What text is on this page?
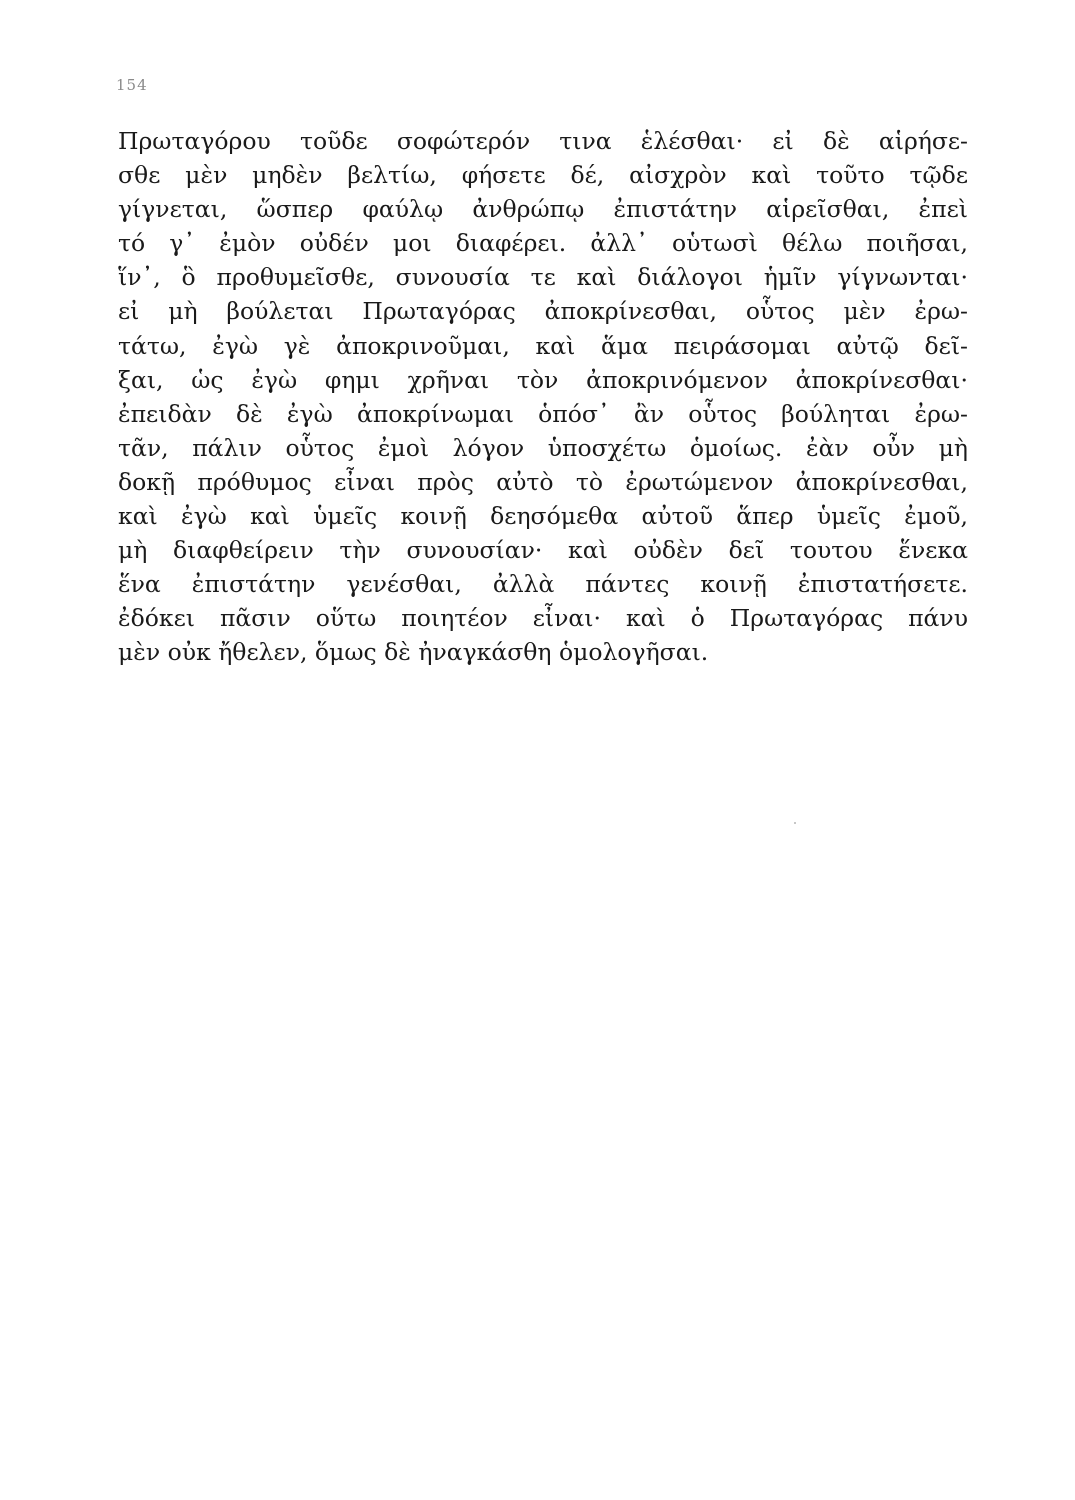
154
Πρωταγόρου τοῦδε σοφώτερόν τινα ἑλέσθαι· εἰ δὲ αἱρήσε-
σθε μὲν μηδὲν βελτίω, φήσετε δέ, αἰσχρὸν καὶ τοῦτο τῷδε
γίγνεται, ὥσπερ φαύλῳ ἀνθρώπῳ ἐπιστάτην αἱρεῖσθαι, ἐπεὶ
τό γ᾽ ἐμὸν οὐδέν μοι διαφέρει. ἀλλ᾽ οὑτωσὶ θέλω ποιῆσαι,
ἵν᾽, ὃ προθυμεῖσθε, συνουσία τε καὶ διάλογοι ἡμῖν γίγνωνται·
εἰ μὴ βούλεται Πρωταγόρας ἀποκρίνεσθαι, οὗτος μὲν ἐρω-
τάτω, ἐγὼ γὲ ἀποκρινοῦμαι, καὶ ἅμα πειράσομαι αὐτῷ δεῖ-
ξαι, ὡς ἐγὼ φημι χρῆναι τὸν ἀποκρινόμενον ἀποκρίνεσθαι·
ἐπειδὰν δὲ ἐγὼ ἀποκρίνωμαι ὁπόσ᾽ ἂν οὗτος βούληται ἐρω-
τᾶν, πάλιν οὗτος ἐμοὶ λόγον ὑποσχέτω ὁμοίως. ἐὰν οὖν μὴ
δοκῇ πρόθυμος εἶναι πρὸς αὐτὸ τὸ ἐρωτώμενον ἀποκρίνεσθαι,
καὶ ἐγὼ καὶ ὑμεῖς κοινῇ δεησόμεθα αὐτοῦ ἅπερ ὑμεῖς ἐμοῦ,
μὴ διαφθείρειν τὴν συνουσίαν· καὶ οὐδὲν δεῖ τουτου ἕνεκα
ἕνα ἐπιστάτην γενέσθαι, ἀλλὰ πάντες κοινῇ ἐπιστατήσετε.
ἐδόκει πᾶσιν οὕτω ποιητέον εἶναι· καὶ ὁ Πρωταγόρας πάνυ
μὲν οὐκ ἤθελεν, ὅμως δὲ ἠναγκάσθη ὁμολογῆσαι.
